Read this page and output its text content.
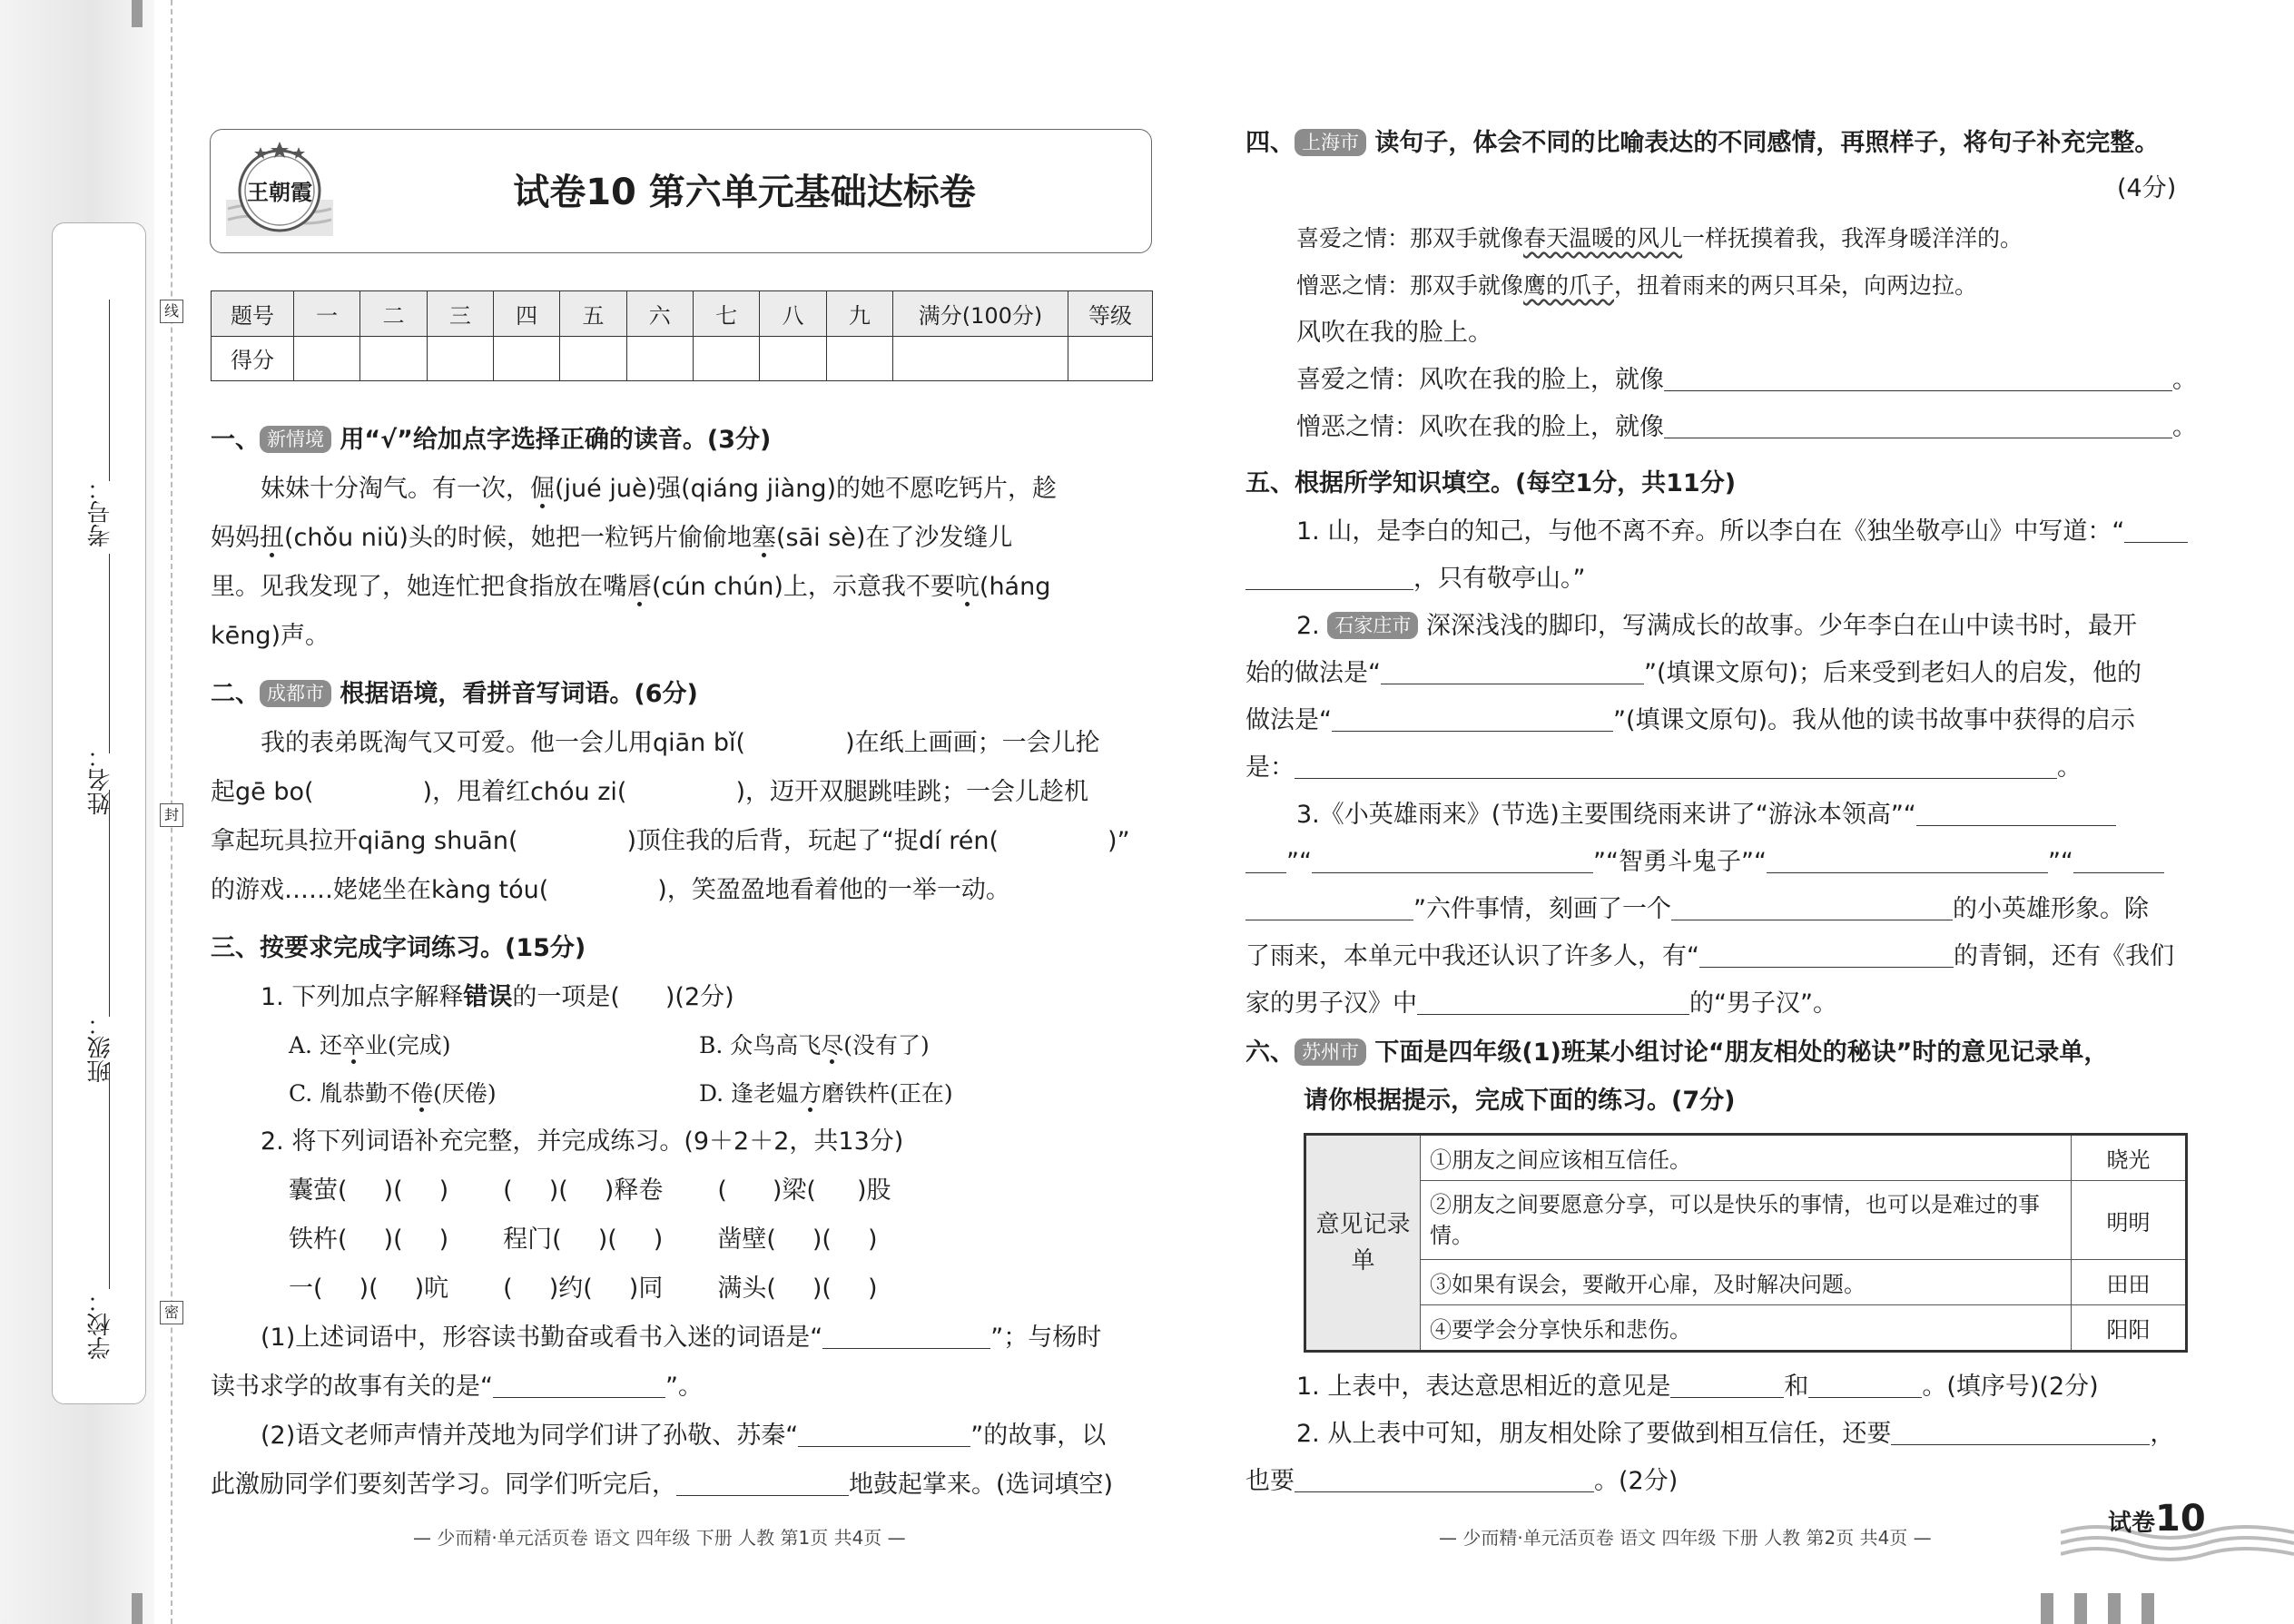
考号：
姓名：
班级：
学校：
线
封
密
王朝霞	试卷10 第六单元基础达标卷
题号	一	二	三	四	五	六	七	八	九	满分(100分)	等级
得分											
一、 新情境 用“√”给加点字选择正确的读音。(3分)
妹妹十分淘气。有一次，倔(jué juè)强(qiáng jiàng)的她不愿吃钙片，趁
妈妈扭(chǒu niǔ)头的时候，她把一粒钙片偷偷地塞(sāi sè)在了沙发缝儿
里。见我发现了，她连忙把食指放在嘴唇(cún chún)上，示意我不要吭(háng
kēng)声。
二、 成都市 根据语境，看拼音写词语。(6分)
我的表弟既淘气又可爱。他一会儿用qiān bǐ(	)在纸上画画；一会儿抡
起gē bo(	)，甩着红chóu zi(	)，迈开双腿跳哇跳；一会儿趁机
拿起玩具拉开qiāng shuān(	)顶住我的后背，玩起了“捉dí rén(	)”
的游戏……姥姥坐在kàng tóu(	)，笑盈盈地看着他的一举一动。
三、按要求完成字词练习。(15分)
1. 下列加点字解释错误的一项是( )(2分)
A. 还卒业(完成)	B. 众鸟高飞尽(没有了)
C. 胤恭勤不倦(厌倦)	D. 逢老媪方磨铁杵(正在)
2. 将下列词语补充完整，并完成练习。(9＋2＋2，共13分)
囊萤( )( ) ( )( )释卷 ( )梁( )股
铁杵( )( ) 程门( )( ) 凿壁( )( )
一( )( )吭 ( )约( )同 满头( )( )
(1)上述词语中，形容读书勤奋或看书入迷的词语是“	”；与杨时
读书求学的故事有关的是“	”。
(2)语文老师声情并茂地为同学们讲了孙敬、苏秦“	”的故事，以
此激励同学们要刻苦学习。同学们听完后，	地鼓起掌来。(选词填空)
— 少而精·单元活页卷 语文 四年级 下册 人教 第1页 共4页 —
四、 上海市 读句子，体会不同的比喻表达的不同感情，再照样子，将句子补充完整。
(4分)
喜爱之情：那双手就像春天温暖的风儿一样抚摸着我，我浑身暖洋洋的。
憎恶之情：那双手就像鹰的爪子，扭着雨来的两只耳朵，向两边拉。
风吹在我的脸上。
喜爱之情：风吹在我的脸上，就像	。
憎恶之情：风吹在我的脸上，就像	。
五、根据所学知识填空。(每空1分，共11分)
1. 山，是李白的知己，与他不离不弃。所以李白在《独坐敬亭山》中写道：“
，只有敬亭山。”
2. 石家庄市 深深浅浅的脚印，写满成长的故事。少年李白在山中读书时，最开
始的做法是“	”(填课文原句)；后来受到老妇人的启发，他的
做法是“	”(填课文原句)。我从他的读书故事中获得的启示
是：	。
3.《小英雄雨来》(节选)主要围绕雨来讲了“游泳本领高”“
”“	”“智勇斗鬼子”“	”“
”六件事情，刻画了一个	的小英雄形象。除
了雨来，本单元中我还认识了许多人，有“	的青铜，还有《我们
家的男子汉》中	的“男子汉”。
六、 苏州市 下面是四年级(1)班某小组讨论“朋友相处的秘诀”时的意见记录单，
请你根据提示，完成下面的练习。(7分)
意见记录单	①朋友之间应该相互信任。	晓光
	②朋友之间要愿意分享，可以是快乐的事情，也可以是难过的事情。	明明
	③如果有误会，要敞开心扉，及时解决问题。	田田
	④要学会分享快乐和悲伤。	阳阳
1. 上表中，表达意思相近的意见是	和	。(填序号)(2分)
2. 从上表中可知，朋友相处除了要做到相互信任，还要	，
也要	。(2分)
— 少而精·单元活页卷 语文 四年级 下册 人教 第2页 共4页 —
试卷10
